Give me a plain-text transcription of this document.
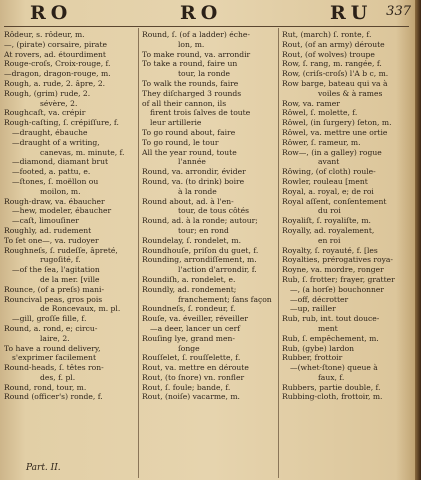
RO	RO	RU 337
Rôdeur, s. rôdeur, m.
—, (pirate) corsaire, pirate
At rovers, ad. étourdiment
Rouge-croſs, Croix-rouge, f.
—dragon, dragon-rouge, m.
Rough, a. rude, 2. âpre, 2.
Rough, (grim) rude, 2.
sévère, 2.
Roughcaſt, va. crépir
Rough-caſting, ſ. crépiſſure, f.
—draught, ébauche
—draught of a writing,
canevas, m. minute, f.
—diamond, diamant brut
—footed, a. pattu, e.
—ſtones, ſ. moëllon ou
moilon, m.
Rough-draw, va. ébaucher
—hew, modeler, ébaucher
—caſt, limouſiner
Roughly, ad. rudement
To ſet one—, va. rudoyer
Roughneſs, ſ. rudeſſe, âpreté,
rugoſité, f.
—of the ſea, l'agitation
de la mer. [ville
Rounce, (of a preſs) mani-
Rouncival peas, gros pois
de Roncevaux, m. pl.
—gill, groſſe fille, f.
Round, a. rond, e; circu-
laire, 2.
To have a round delivery,
s'exprimer facilement
Round-heads, ſ. têtes ron-
des, f. pl.
Round, rond, tour, m.
Round (officer's) ronde, f.
Round, ſ. (of a ladder) éche-
lon, m.
To make round, va. arrondir
To take a round, faire un
tour, la ronde
To walk the rounds, faire
They diſcharged 3 rounds
of all their cannon, ils
firent trois ſalves de toute
leur artillerie
To go round about, faire
To go round, le tour
All the year round, toute
l'année
Round, va. arrondir, évider
Round, va. (to drink) boire
à la ronde
Round about, ad. à l'en-
tour, de tous côtés
Round, ad. à la ronde; autour;
tour; en rond
Roundelay, ſ. rondelet, m.
Roundhouſe, priſon du guet, f.
Rounding, arrondiſſement, m.
l'action d'arrondir, f.
Roundiſh, a. rondelet, e.
Roundly, ad. rondement;
franchement; ſans façon
Roundneſs, ſ. rondeur, f.
Rouſe, va. éveiller, réveiller
—a deer, lancer un cerf
Rouſing lye, grand men-
ſonge
Rouſſelet, ſ. rouſſelette, f.
Rout, va. mettre en déroute
Rout, (to ſnore) vn. ronfler
Rout, ſ. foule; bande, f.
Rout, (noiſe) vacarme, m.
Rut, (march) ſ. ronte, f.
Rout, (of an army) déroute
Rout, (of wolves) troupe
Row, ſ. rang, m. rangée, f.
Row, (criſs-croſs) l'A b c, m.
Row barge, bateau qui va à
voiles & à rames
Row, va. ramer
Rôwel, ſ. molette, f.
Rôwel, (in ſurgery) ſeton, m.
Rôwel, va. mettre une ortie
Rôwer, ſ. rameur, m.
Row—, (in a galley) rogue
avant
Rôwing, (of cloth) roule-
Rowler, rouleau [ment
Royal, a. royal, e; de roi
Royal aſſent, conſentement
du roi
Royaliſt, ſ. royaliſte, m.
Royally, ad. royalement,
en roi
Royalty, ſ. royauté, f. [les
Royalties, prérogatives roya-
Royne, va. mordre, ronger
Rub, ſ. frotter; frayer, gratter
—, (a horſe) bouchonner
—off, décrotter
—up, railler
Rub, rub, int. tout douce-
ment
Rub, ſ. empêchement, m.
Rub, (gybe) lardon
Rubber, frottoir
—(whet-ſtone) queue à
faux, f.
Rubbers, partie double, f.
Rubbing-cloth, frottoir, m.
Part. II.
